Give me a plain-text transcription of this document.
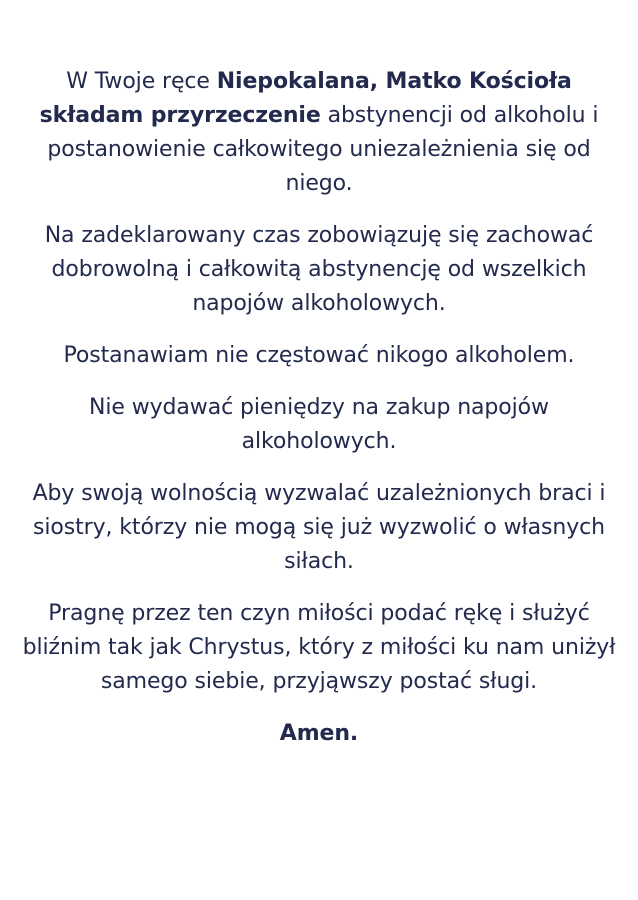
W Twoje ręce Niepokalana, Matko Kościoła składam przyrzeczenie abstynencji od alkoholu i postanowienie całkowitego uniezależnienia się od niego.

Na zadeklarowany czas zobowiązuję się zachować dobrowolną i całkowitą abstynencję od wszelkich napojów alkoholowych.

Postanawiam nie częstować nikogo alkoholem.

Nie wydawać pieniędzy na zakup napojów alkoholowych.

Aby swoją wolnością wyzwalać uzależnionych braci i siostry, którzy nie mogą się już wyzwolić o własnych siłach.

Pragnę przez ten czyn miłości podać rękę i służyć bliźnim tak jak Chrystus, który z miłości ku nam uniżył samego siebie, przyjąwszy postać sługi.

Amen.
